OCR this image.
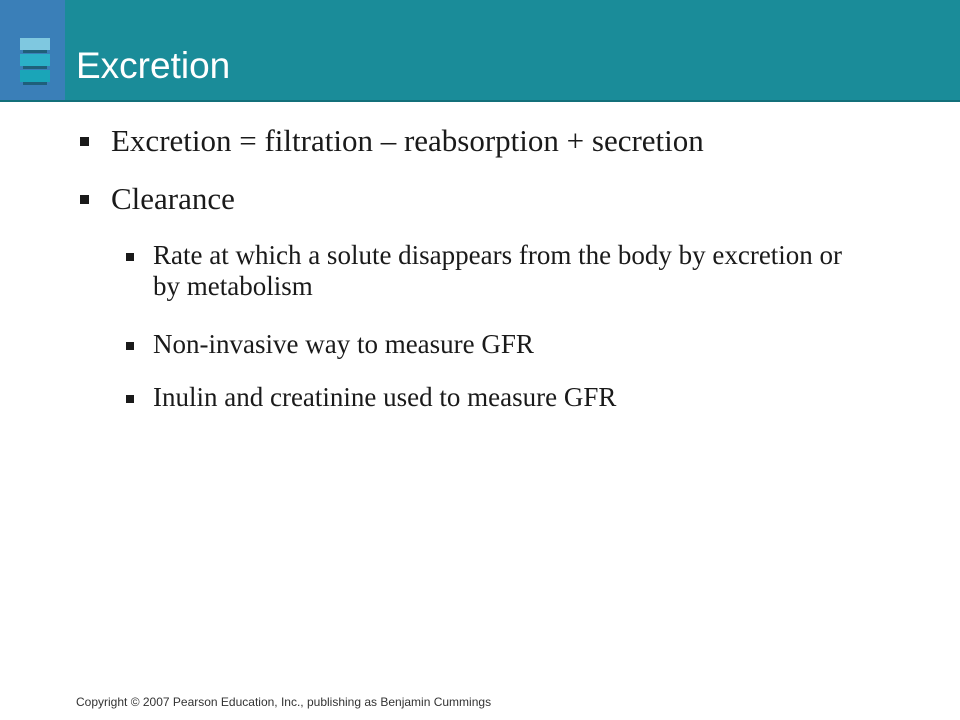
Excretion

Excretion = filtration – reabsorption + secretion

Clearance

Rate at which a solute disappears from the body by excretion or by metabolism

Non-invasive way to measure GFR

Inulin and creatinine used to measure GFR

Copyright © 2007 Pearson Education, Inc., publishing as Benjamin Cummings
